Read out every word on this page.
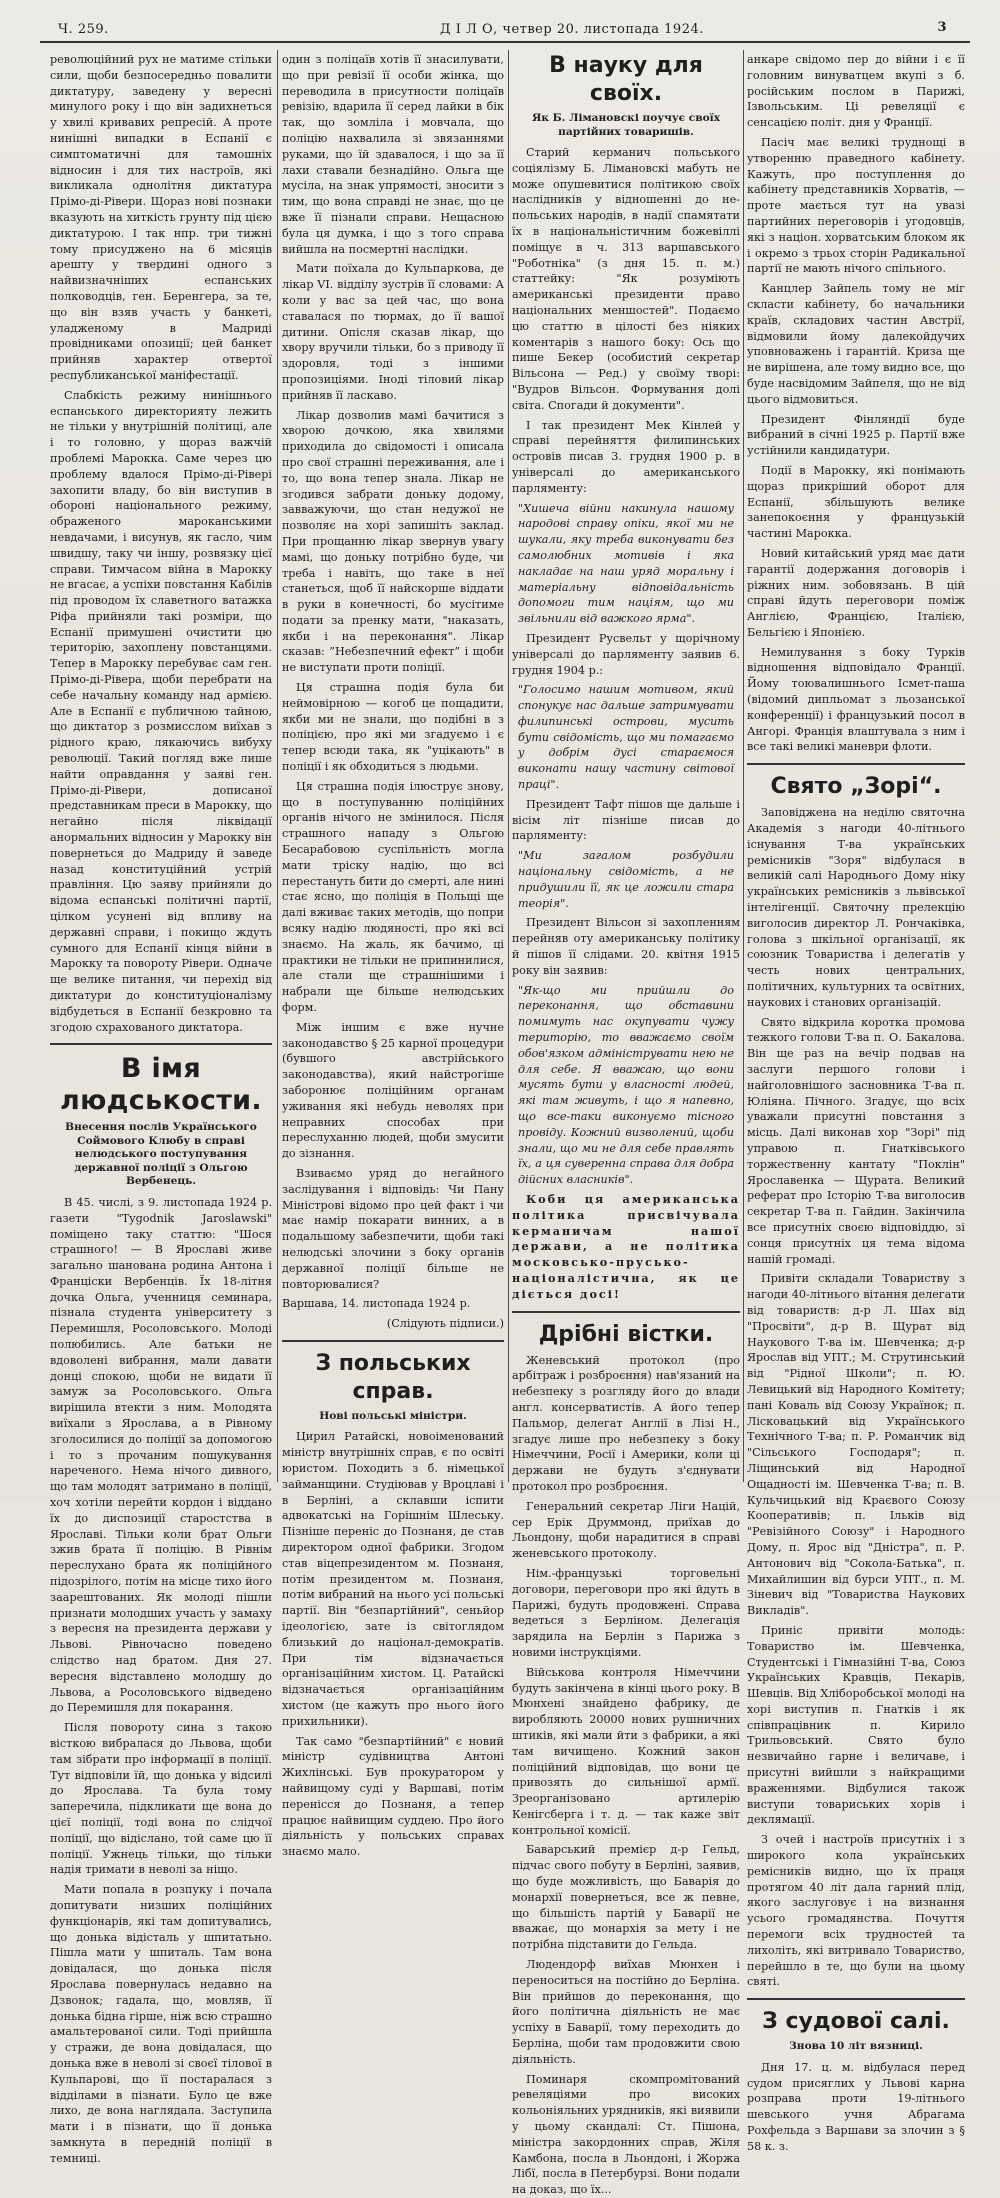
Ч. 259.	Д І Л О, четвер 20. листопада 1924.	3

революційний рух не матиме стільки сили, щоби безпосередньо повалити диктатуру, заведену у вересні минулого року і що він задихнеться у хвилі кривавих репресій. А проте нинішні випадки в Еспанії є симптоматичні для тамошніх відносин і для тих настроїв, які викликала однолітня диктатура Прімо-ді-Рівери. Щораз нові познаки вказують на хиткість грунту під цією диктатурою. І так нпр. три тижні тому присуджено на 6 місяців арешту у твердині одного з найвизначніших еспанських полководців, ген. Беренгера, за те, що він взяв участь у банкеті, уладженому в Мадриді провідниками опозиції; цей банкет прийняв характер отвертої республиканської маніфестації.

Слабкість режиму нинішнього еспанського директорияту лежить не тільки у внутрішній політиці, але і то головно, у щораз важчій проблемі Марокка. Саме через цю проблему вдалося Прімо-ді-Рівері захопити владу, бо він виступив в обороні національного режиму, ображеного мароканськими невдачами, і висунув, як гасло, чим швидшу, таку чи іншу, розвязку цієї справи. Тимчасом війна в Марокку не вгасає, а успіхи повстання Кабілів під проводом їх славетного ватажка Ріфа прийняли такі розміри, що Еспанії примушені очистити цю територію, захоплену повстанцями. Тепер в Марокку перебуває сам ген. Прімо-ді-Рівера, щоби перебрати на себе начальну команду над армією. Але в Еспанії є публичною тайною, що диктатор з розмисслом виїхав з рідного краю, лякаючись вибуху революції. Такий погляд вже лише найти оправдання у заяві ген. Прімо-ді-Рівери, дописаної представникам преси в Марокку, що негайно після ліквідації анормальних відносин у Марокку він повернеться до Мадриду й заведе назад конституційний устрій правління. Цю заяву прийняли до відома еспанські політичні партії, цілком усунені від впливу на державні справи, і покищо ждуть сумного для Еспанії кінця війни в Марокку та повороту Рівери. Одначе ще велике питання, чи перехід від диктатури до конституціоналізму відбудеться в Еспанії безкровно та згодою схрахованого диктатора.

В імя людськости.
Внесення послів Українського Соймового Клюбу в справі нелюдського поступування державної поліції з Ольгою Вербенець.

В 45. числі, з 9. листопада 1924 р. газети "Tygodnik Jaroslawski" поміщено таку статтю: "Шося страшного! — В Ярославі живе загально шанована родина Антона і Франціски Вербенців. Їх 18-літня дочка Ольга, ученниця семинара, пізнала студента університету з Перемишля, Росоловського. Молоді полюбились. Але батьки не вдоволені вибрання, мали давати донці спокою, щоби не видати її замуж за Росоловського. Ольга вирішила втекти з ним. Молодята виїхали з Ярослава, а в Рівному зголосилися до поліції за допомогою і то з прочаним пошукування нареченого. Нема нічого дивного, що там молодят затримано в поліції, хоч хотіли перейти кордон і віддано їх до диспозиції старостства в Ярославі. Тільки коли брат Ольги зжив брата її поліцію. В Рівнім переслухано брата як поліційного підозрілого, потім на місце тихо його заарештованих. Як молоді пішли признати молодших участь у замаху з вересня на президента держави у Львові. Рівночасно поведено слідство над братом. Дня 27. вересня відставлено молодшу до Львова, а Росоловського відведено до Перемишля для покарання.

Після повороту сина з такою вісткою вибралася до Львова, щоби там зібрати про інформації в поліції. Тут відповіли їй, що донька у відсилі до Ярослава. Та була тому заперечила, підкликати ще вона до цієї поліції, тоді вона по слідчої поліції, що відіслано, той саме цю її поліції. Ужнець тільки, що тільки надія тримати в неволі за ніщо.

Мати попала в розпуку і почала допитувати низших поліційних функціонарів, які там допитувались, що донька відісталь у шпитатьно. Пішла мати у шпиталь. Там вона довідалася, що донька після Ярослава повернулась недавно на Дзвонок; гадала, що, мовляв, її донька бідна гірше, ніж всю страшно амальтерованої сили. Тоді прийшла у стражи, де вона довідалася, що донька вже в неволі зі своєї тілової в Кульпарові, що її постаралася з відділами в пізнати. Було це вже лихо, де вона наглядала. Заступила мати і в пізнати, що її донька замкнута в передній поліції в темниці.

один з поліцаїв хотів її знасилувати, що при ревізії її особи жінка, що переводила в присутности поліцаїв ревізію, вдарила її серед лайки в бік так, що зомліла і мовчала, що поліцію нахвалила зі звязаннями руками, що їй здавалося, і що за її лахи ставали безнадійно. Ольга ще мусіла, на знак упрямості, зносити з тим, що вона справді не знає, що це вже її пізнали справи. Нещасною була ця думка, і що з того справа вийшла на посмертні наслідки.

Мати поїхала до Кульпаркова, де лікар VI. відділу зустрів її словами: А коли у вас за цей час, що вона ставалася по тюрмах, до її вашої дитини. Опісля сказав лікар, що хвору вручили тільки, бо з приводу її здоровля, тоді з іншими пропозиціями. Іноді тіловий лікар прийняв її ласкаво.

Лікар дозволив мамі бачитися з хворою дочкою, яка хвилями приходила до свідомості і описала про свої страшні переживання, але і то, що вона тепер знала. Лікар не згодився забрати доньку додому, завважуючи, що стан недужої не позволяє на хорі запишіть заклад. При прощанню лікар звернув увагу мамі, що доньку потрібно буде, чи треба і навіть, що таке в неї станеться, щоб її найскорше віддати в руки в конечності, бо мусітиме подати за пренку мати, "наказать, якби і на переконання". Лікар сказав: ”Небезпечний ефект” і щоби не виступати проти поліції.

Ця страшна подія була би неймовірною — когоб це пощадити, якби ми не знали, що подібні в з поліцією, про які ми згадуємо і є тепер всюди така, як "уцікають" в поліції і як обходиться з людьми.

Ця страшна подія ілюструє знову, що в поступуванню поліційних органів нічого не змінилося. Після страшного нападу з Ольгою Бесарабовою суспільність могла мати тріску надію, що всі перестануть бити до смерті, але нині стає ясно, що поліція в Польщі ще далі вживає таких методів, що попри всяку надію людяності, про які всі знаємо. На жаль, як бачимо, ці практики не тільки не припинилися, але стали ще страшнішими і набрали ще більше нелюдських форм.

Між іншим є вже нучне законодавство § 25 карної процедури (бувшого австрійського законодавства), який найстрогіше заборонює поліційним органам уживання які небудь неволях при неправних способах при переслуханню людей, щоби змусити до зізнання.

Взиваємо уряд до негайного заслідування і відповідь: Чи Пану Міністрові відомо про цей факт і чи має намір покарати винних, а в подальшому забезпечити, щоби такі нелюдські злочини з боку органів державної поліції більше не повторювалися?

Варшава, 14. листопада 1924 р.

(Слідують підписи.)

З польських справ.
Нові польські міністри.

Цирил Ратайскі, новоіменований міністр внутрішніх справ, є по освіті юристом. Походить з б. німецької займанщини. Студіював у Вроцлаві і в Берліні, а склавши іспити адвокатські на Горішнім Шлеську. Пізніше переніс до Познаня, де став директором одної фабрики. Згодом став віцепрезидентом м. Познаня, потім президентом м. Познаня, потім вибраний на нього усі польські партії. Він "безпартійний", сеньйор ідеологією, зате із світоглядом близький до націонал-демократів. При тім відзначається організаційним хистом. Ц. Ратайскі відзначається організаційним хистом (це кажуть про нього його прихильники).

Так само "безпартійний" є новий міністр судівництва Антоні Жихлінські. Був прокуратором у найвищому суді у Варшаві, потім перенісся до Познаня, а тепер працює найвищим суддею. Про його діяльність у польських справах знаємо мало.

В науку для своїх.
Як Б. Лімановскі поучує своїх партійних товаришів.

Старий керманич польського соціялізму Б. Лімановскі мабуть не може опушевитися політикою своїх наслідників у відношенні до не-польських народів, в надії спамятати їх в національністичним божевіллі поміщує в ч. 313 варшавського "Роботніка" (з дня 15. п. м.) статтейку: "Як розуміють американські президенти право національних меншостей". Подаємо цю статтю в цілості без ніяких коментарів з нашого боку: Ось що пише Бекер (особистий секретар Вільсона — Ред.) у своїму творі: "Вудров Вільсон. Формування долі світа. Спогади й документи".

І так президент Мек Кінлей у справі перейняття филипинських островів писав 3. грудня 1900 р. в універсалі до американського парляменту:

"Хишеча війни накинула нашому народові справу опіки, якої ми не шукали, яку треба виконувати без самолюбних мотивів і яка накладає на наш уряд моральну і матеріальну відповідальність допомоги тим націям, що ми звільнили від важкого ярма".

Президент Русвельт у щорічному універсалі до парляменту заявив 6. грудня 1904 р.:

"Голосимо нашим мотивом, який спонукує нас дальше затримувати филипинські острови, мусить бути свідомість, що ми помагаємо у добрім дусі стараємося виконати нашу частину світової праці".

Президент Тафт пішов ще дальше і вісім літ пізніше писав до парляменту:

"Ми загалом розбудили національну свідомість, а не придушили її, як це ложили стара теорія".

Президент Вільсон зі захопленням перейняв оту американську політику й пішов її слідами. 20. квітня 1915 року він заявив:

"Як-що ми прийшли до переконання, що обставини помимуть нас окупувати чужу територію, то вважаємо своїм обов'язком адмініструвати нею не для себе. Я вважаю, що вони мусять бути у власності людей, які там живуть, і що я напевно, що все-таки виконуємо тісного провіду. Кожний визволений, щоби знали, що ми не для себе правлять їх, а ця суверенна справа для добра дійсних власників".

Коби ця американська політика присвічувала керманичам нашої держави, а не політика московсько-прусько-націоналістична, як це діється досі!

Дрібні вістки.

Женевський протокол (про арбітраж і розброєння) нав'язаний на небезпеку з розгляду його до влади англ. консерватистів. А його тепер Пальмор, делегат Англії в Лізі Н., згадує лише про небезпеку з боку Німеччини, Росії і Америки, коли ці держави не будуть з'єднувати протокол про розброєння.

Генеральний секретар Ліги Націй, сер Ерік Друммонд, приїхав до Льондону, щоби нарадитися в справі женевського протоколу.

Нім.-французькі торговельні договори, переговори про які йдуть в Парижі, будуть продовжені. Справа ведеться з Берліном. Делегація зарядила на Берлін з Парижа з новими інструкціями.

Військова контроля Німеччини будуть закінчена в кінці цього року. В Мюнхені знайдено фабрику, де виробляють 20000 нових рушничних штиків, які мали йти з фабрики, а які там вичищено. Кожний закон поліційний відповідав, що вони це привозять до сильнішої армії. Зреорганізовано артилерію Кенігсберга і т. д. — так каже звіт контрольної комісії.

Баварський премієр д-р Гельд, підчас свого побуту в Берліні, заявив, що буде можливість, що Баварія до монархії повернеться, все ж певне, що більшість партій у Баварії не вважає, що монархія за мету і не потрібна підставити до Гельда.

Людендорф виїхав Мюнхен і переноситься на постійно до Берліна. Він прийшов до переконання, що його політична діяльність не має успіху в Баварії, тому переходить до Берліна, щоби там продовжити свою діяльність.

Поминаря скомпромітований ревеляціями про високих кольоніяльних урядників, які виявили у цьому скандалі: Ст. Пішона, міністра закордонних справ, Жіля Камбона, посла в Льондоні, і Жоржа Лібї, посла в Петербурзі. Вони подали на доказ, що їх...

анкаре свідомо пер до війни і є її головним винуватцем вкупі з б. російським послом в Парижі, Ізвольським. Ці ревеляції є сенсацією політ. дня у Франції.

Пасіч має великі труднощі в утворенню праведного кабінету. Кажуть, про поступлення до кабінету представників Хорватів, — проте мається тут на увазі партийних переговорів і угодовців, які з націон. хорватським блоком як і окремо з трьох сторін Радикальної партії не мають нічого спільного.

Канцлер Зайпель тому не міг скласти кабінету, бо начальники країв, складових частин Австрії, відмовили йому далекойдучих уповноважень і гарантій. Криза ще не вирішена, але тому видно все, що буде насвідомим Зайпеля, що не від цього відмовиться.

Президент Фінляндії буде вибраний в січні 1925 р. Партії вже устійнили кандидатури.

Події в Марокку, які понімають щораз прикріший оборот для Еспанії, збільшують велике занепокоєння у французькій частині Марокка.

Новий китайський уряд має дати гарантії додержання договорів і ріжних ним. зобовязань. В цій справі йдуть переговори поміж Англією, Францією, Італією, Бельгією і Японією.

Немилування з боку Турків відношення відповідало Франції. Йому тоювалишнього Ісмет-паша (відомий дипльомат з льозанської конференції) і французький посол в Ангорі. Франція влаштувала з ним і все такі великі маневри флоти.

Свято „Зорі“.

Заповіджена на неділю святочна Академія з нагоди 40-літнього існування Т-ва українських ремісників "Зоря" відбулася в великій салі Народнього Дому ніку українських ремісників з львівської інтелігенції. Святочну прелекцію виголосив директор Л. Рончаківка, голова з шкільної організації, як союзник Товариства і делегатів у честь нових центральних, політичних, культурних та освітних, наукових і станових організацій.

Свято відкрила коротка промова тежкого голови Т-ва п. О. Бакалова. Він ще раз на вечір подвав на заслуги першого голови і найголовнішого засновника Т-ва п. Юліяна. Пічного. Згадує, що всіх уважали присутні повстання з місць. Далі виконав хор "Зорі" під управою п. Гнатківського торжественну кантату "Поклін" Ярославенка — Щурата. Великий реферат про Історію Т-ва виголосив секретар Т-ва п. Гайдин. Закінчила все присутніх своєю відповіддю, зі сонця присутніх ця тема відома нашій громаді.

Привіти складали Товариству з нагоди 40-літнього вітання делегати від товариств: д-р Л. Шах від "Просвіти", д-р В. Щурат від Наукового Т-ва ім. Шевченка; д-р Ярослав від УПТ.; М. Струтинський від "Рідної Школи"; п. Ю. Левицький від Народного Комітету; пані Коваль від Союзу Українок; п. Лісковацький від Українського Технічного Т-ва; п. Р. Романчик від "Сільського Господаря"; п. Ліщинський від Народної Ощадності ім. Шевченка Т-ва; п. В. Кульчицький від Краєвого Союзу Кооперативів; п. Ільків від "Ревізійного Союзу" і Народного Дому, п. Ярос від "Дністра", п. Р. Антонович від "Сокола-Батька", п. Михайлишин від бурси УПТ., п. М. Зіневич від "Товариства Наукових Викладів".

Приніс привіти молодь: Товариство ім. Шевченка, Студентські і Гімназійні Т-ва, Союз Українських Кравців, Пекарів, Шевців. Від Хліборобської молоді на хорі виступив п. Гнатків і як співпрацівник п. Кирило Трильовський. Свято було незвичайно гарне і величаве, і присутні вийшли з найкращими враженнями. Відбулися також виступи товариських хорів і деклямації.

З очей і настроїв присутніх і з широкого кола українських ремісників видно, що їх праця протягом 40 літ дала гарний плід, якого заслуговує і на визнання усього громадянства. Почуття перемоги всіх трудностей та лихоліть, які витривало Товариство, перейшло в те, що були на цьому святі.

З судової салі.
Знова 10 літ вязниці.

Дня 17. ц. м. відбулася перед судом присяглих у Львові карна розправа проти 19-літнього шевського учня Абрагама Рохфельда з Варшави за злочин з § 58 к. з.
